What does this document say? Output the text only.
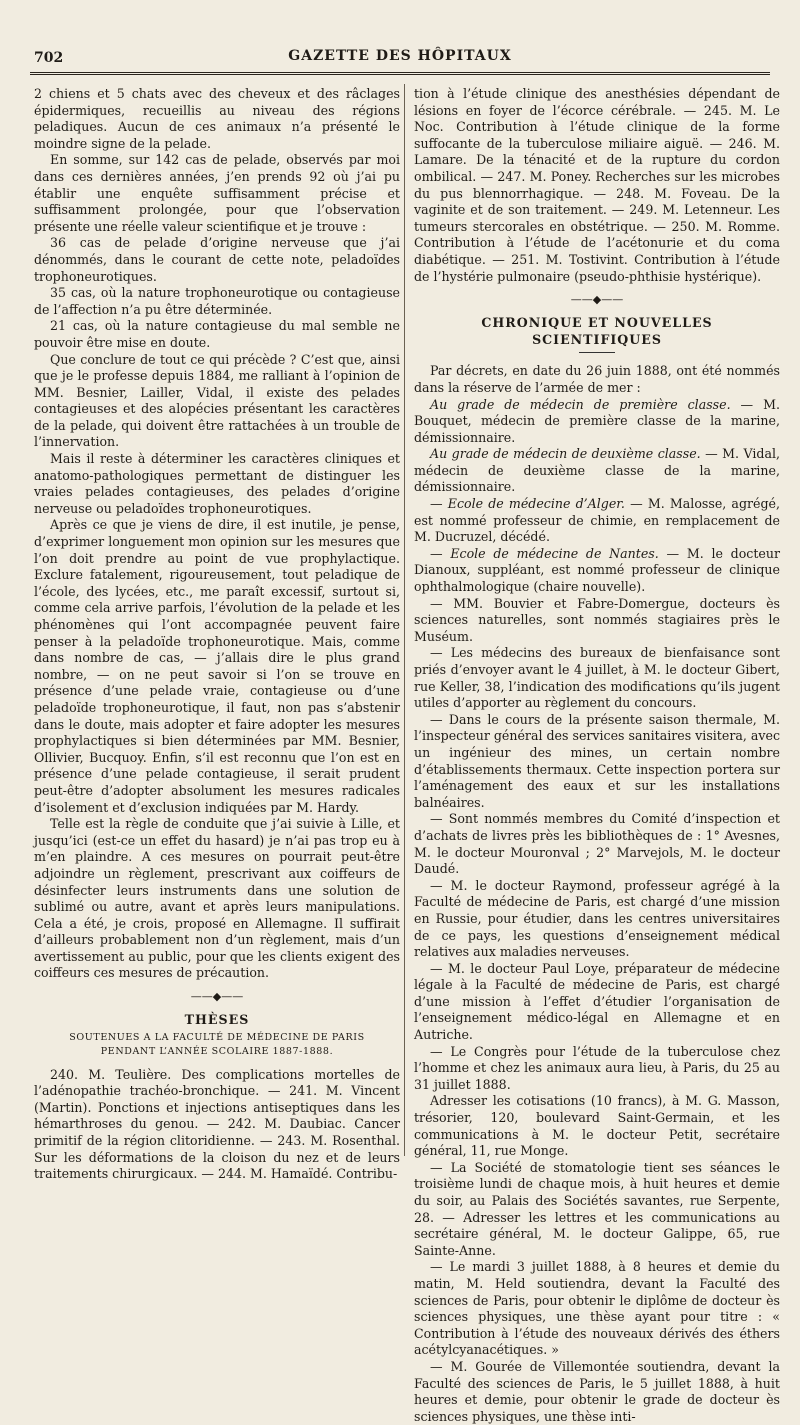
702	GAZETTE DES HÔPITAUX

2 chiens et 5 chats avec des cheveux et des râclages épidermiques, recueillis au niveau des régions peladiques. Aucun de ces animaux n’a présenté le moindre signe de la pelade.

En somme, sur 142 cas de pelade, observés par moi dans ces dernières années, j’en prends 92 où j’ai pu établir une enquête suffisamment précise et suffisamment prolongée, pour que l’observation présente une réelle valeur scientifique et je trouve :

36 cas de pelade d’origine nerveuse que j’ai dénommés, dans le courant de cette note, peladoïdes trophoneurotiques.

35 cas, où la nature trophoneurotique ou contagieuse de l’affection n’a pu être déterminée.

21 cas, où la nature contagieuse du mal semble ne pouvoir être mise en doute.

Que conclure de tout ce qui précède ? C’est que, ainsi que je le professe depuis 1884, me ralliant à l’opinion de MM. Besnier, Lailler, Vidal, il existe des pelades contagieuses et des alopécies présentant les caractères de la pelade, qui doivent être rattachées à un trouble de l’innervation.

Mais il reste à déterminer les caractères cliniques et anatomo-pathologiques permettant de distinguer les vraies pelades contagieuses, des pelades d’origine nerveuse ou peladoïdes trophoneurotiques.

Après ce que je viens de dire, il est inutile, je pense, d’exprimer longuement mon opinion sur les mesures que l’on doit prendre au point de vue prophylactique. Exclure fatalement, rigoureusement, tout peladique de l’école, des lycées, etc., me paraît excessif, surtout si, comme cela arrive parfois, l’évolution de la pelade et les phénomènes qui l’ont accompagnée peuvent faire penser à la peladoïde trophoneurotique. Mais, comme dans nombre de cas, — j’allais dire le plus grand nombre, — on ne peut savoir si l’on se trouve en présence d’une pelade vraie, contagieuse ou d’une peladoïde trophoneurotique, il faut, non pas s’abstenir dans le doute, mais adopter et faire adopter les mesures prophylactiques si bien déterminées par MM. Besnier, Ollivier, Bucquoy. Enfin, s’il est reconnu que l’on est en présence d’une pelade contagieuse, il serait prudent peut-être d’adopter absolument les mesures radicales d’isolement et d’exclusion indiquées par M. Hardy.

Telle est la règle de conduite que j’ai suivie à Lille, et jusqu’ici (est-ce un effet du hasard) je n’ai pas trop eu à m’en plaindre. A ces mesures on pourrait peut-être adjoindre un règlement, prescrivant aux coiffeurs de désinfecter leurs instruments dans une solution de sublimé ou autre, avant et après leurs manipulations. Cela a été, je crois, proposé en Allemagne. Il suffirait d’ailleurs probablement non d’un règlement, mais d’un avertissement au public, pour que les clients exigent des coiffeurs ces mesures de précaution.

——◆——
THÈSES
SOUTENUES A LA FACULTÉ DE MÉDECINE DE PARIS
PENDANT L’ANNÉE SCOLAIRE 1887-1888.

240. M. Teulière. Des complications mortelles de l’adénopathie trachéo-bronchique. — 241. M. Vincent (Martin). Ponctions et injections antiseptiques dans les hémarthroses du genou. — 242. M. Daubiac. Cancer primitif de la région clitoridienne. — 243. M. Rosenthal. Sur les déformations de la cloison du nez et de leurs traitements chirurgicaux. — 244. M. Hamaïdé. Contribu-

tion à l’étude clinique des anesthésies dépendant de lésions en foyer de l’écorce cérébrale. — 245. M. Le Noc. Contribution à l’étude clinique de la forme suffocante de la tuberculose miliaire aiguë. — 246. M. Lamare. De la ténacité et de la rupture du cordon ombilical. — 247. M. Poney. Recherches sur les microbes du pus blennorrhagique. — 248. M. Foveau. De la vaginite et de son traitement. — 249. M. Letenneur. Les tumeurs stercorales en obstétrique. — 250. M. Romme. Contribution à l’étude de l’acétonurie et du coma diabétique. — 251. M. Tostivint. Contribution à l’étude de l’hystérie pulmonaire (pseudo-phthisie hystérique).

——◆——
CHRONIQUE ET NOUVELLES SCIENTIFIQUES

Par décrets, en date du 26 juin 1888, ont été nommés dans la réserve de l’armée de mer :

Au grade de médecin de première classe. — M. Bouquet, médecin de première classe de la marine, démissionnaire.

Au grade de médecin de deuxième classe. — M. Vidal, médecin de deuxième classe de la marine, démissionnaire.

— Ecole de médecine d’Alger. — M. Malosse, agrégé, est nommé professeur de chimie, en remplacement de M. Ducruzel, décédé.

— Ecole de médecine de Nantes. — M. le docteur Dianoux, suppléant, est nommé professeur de clinique ophthalmologique (chaire nouvelle).

— MM. Bouvier et Fabre-Domergue, docteurs ès sciences naturelles, sont nommés stagiaires près le Muséum.

— Les médecins des bureaux de bienfaisance sont priés d’envoyer avant le 4 juillet, à M. le docteur Gibert, rue Keller, 38, l’indication des modifications qu’ils jugent utiles d’apporter au règlement du concours.

— Dans le cours de la présente saison thermale, M. l’inspecteur général des services sanitaires visitera, avec un ingénieur des mines, un certain nombre d’établissements thermaux. Cette inspection portera sur l’aménagement des eaux et sur les installations balnéaires.

— Sont nommés membres du Comité d’inspection et d’achats de livres près les bibliothèques de : 1° Avesnes, M. le docteur Mouronval ; 2° Marvejols, M. le docteur Daudé.

— M. le docteur Raymond, professeur agrégé à la Faculté de médecine de Paris, est chargé d’une mission en Russie, pour étudier, dans les centres universitaires de ce pays, les questions d’enseignement médical relatives aux maladies nerveuses.

— M. le docteur Paul Loye, préparateur de médecine légale à la Faculté de médecine de Paris, est chargé d’une mission à l’effet d’étudier l’organisation de l’enseignement médico-légal en Allemagne et en Autriche.

— Le Congrès pour l’étude de la tuberculose chez l’homme et chez les animaux aura lieu, à Paris, du 25 au 31 juillet 1888.

Adresser les cotisations (10 francs), à M. G. Masson, trésorier, 120, boulevard Saint-Germain, et les communications à M. le docteur Petit, secrétaire général, 11, rue Monge.

— La Société de stomatologie tient ses séances le troisième lundi de chaque mois, à huit heures et demie du soir, au Palais des Sociétés savantes, rue Serpente, 28. — Adresser les lettres et les communications au secrétaire général, M. le docteur Galippe, 65, rue Sainte-Anne.

— Le mardi 3 juillet 1888, à 8 heures et demie du matin, M. Held soutiendra, devant la Faculté des sciences de Paris, pour obtenir le diplôme de docteur ès sciences physiques, une thèse ayant pour titre : « Contribution à l’étude des nouveaux dérivés des éthers acétylcyanacétiques. »

— M. Gourée de Villemontée soutiendra, devant la Faculté des sciences de Paris, le 5 juillet 1888, à huit heures et demie, pour obtenir le grade de docteur ès sciences physiques, une thèse inti-
